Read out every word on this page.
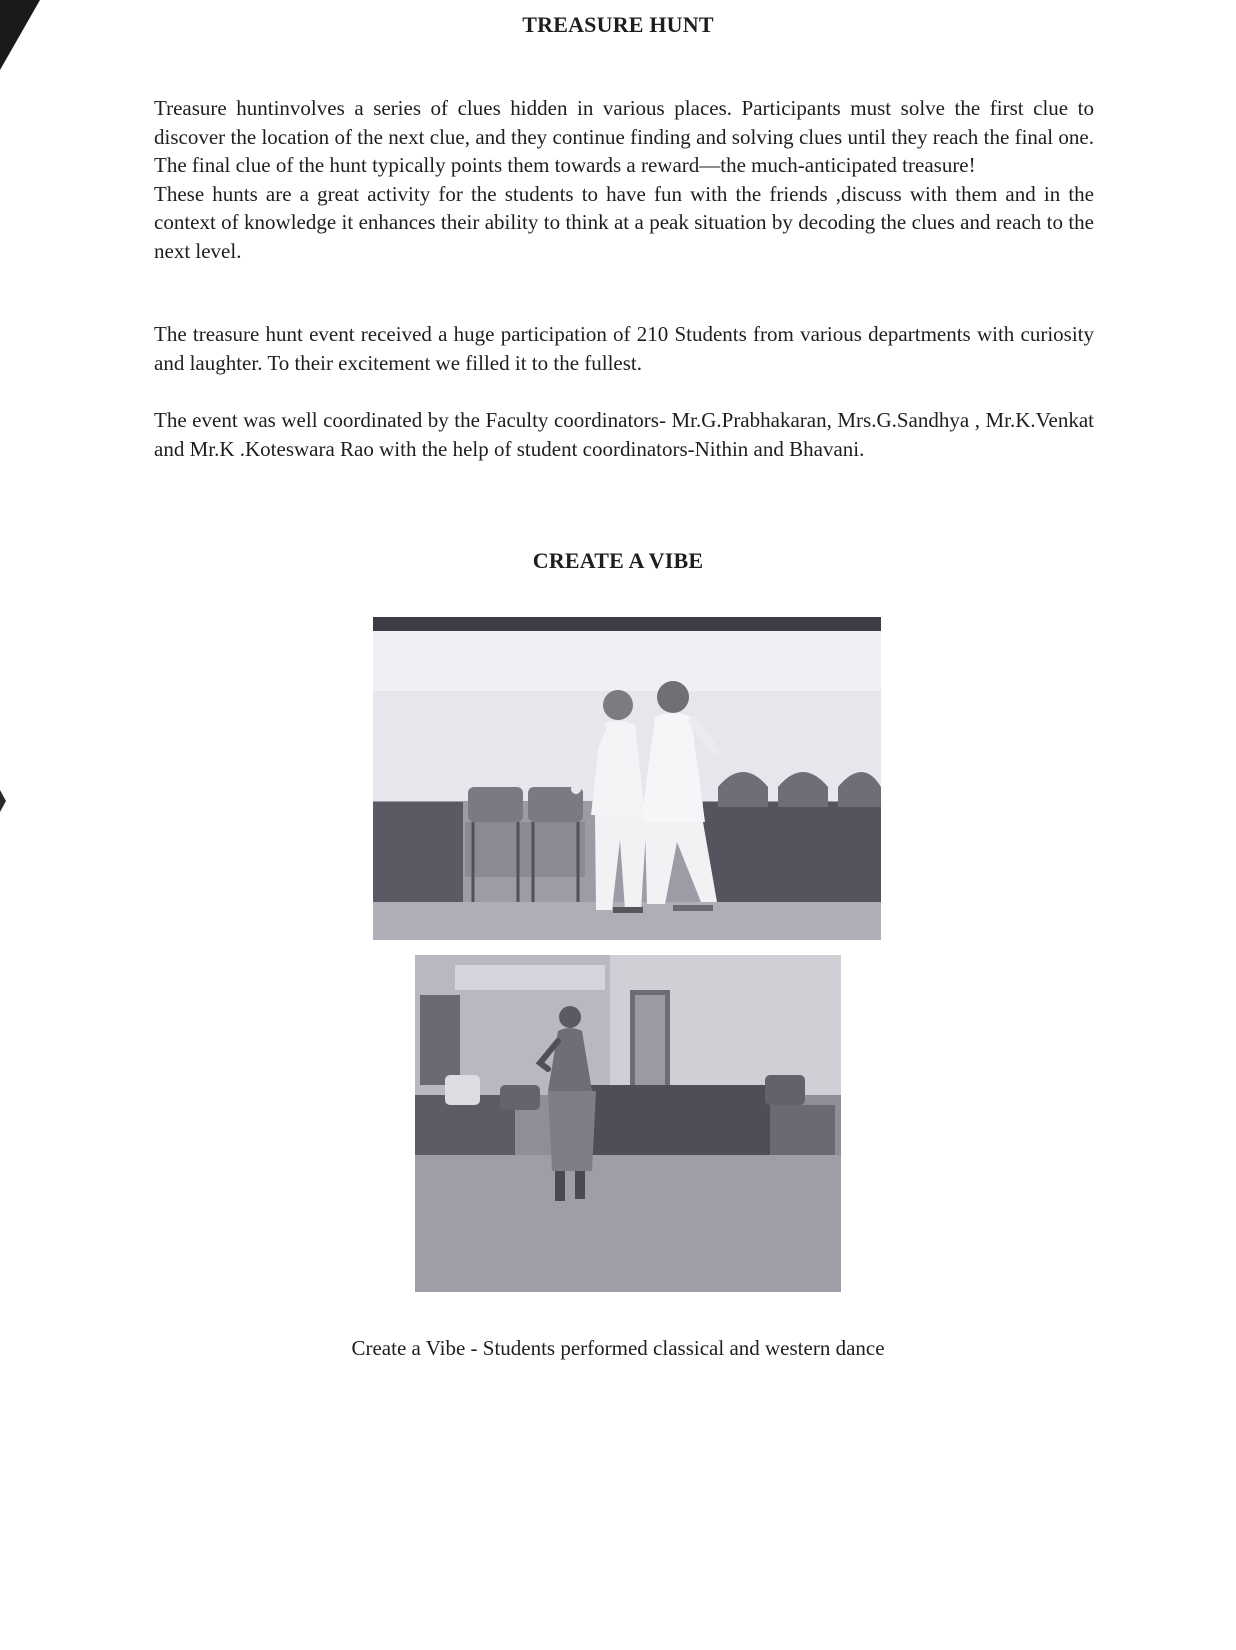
TREASURE HUNT

Treasure huntinvolves a series of clues hidden in various places. Participants must solve the first clue to discover the location of the next clue, and they continue finding and solving clues until they reach the final one. The final clue of the hunt typically points them towards a reward—the much-anticipated treasure!

These hunts are a great activity for the students to have fun with the friends ,discuss with them and in the context of knowledge it enhances their ability to think at a peak situation by decoding the clues and reach to the next level.

The treasure hunt event received a huge participation of 210 Students from various departments with curiosity and laughter. To their excitement we filled it to the fullest.

The event was well coordinated by the Faculty coordinators- Mr.G.Prabhakaran, Mrs.G.Sandhya , Mr.K.Venkat and Mr.K .Koteswara Rao with the help of student coordinators-Nithin and Bhavani.

CREATE A VIBE
Create a Vibe - Students performed classical and western dance
